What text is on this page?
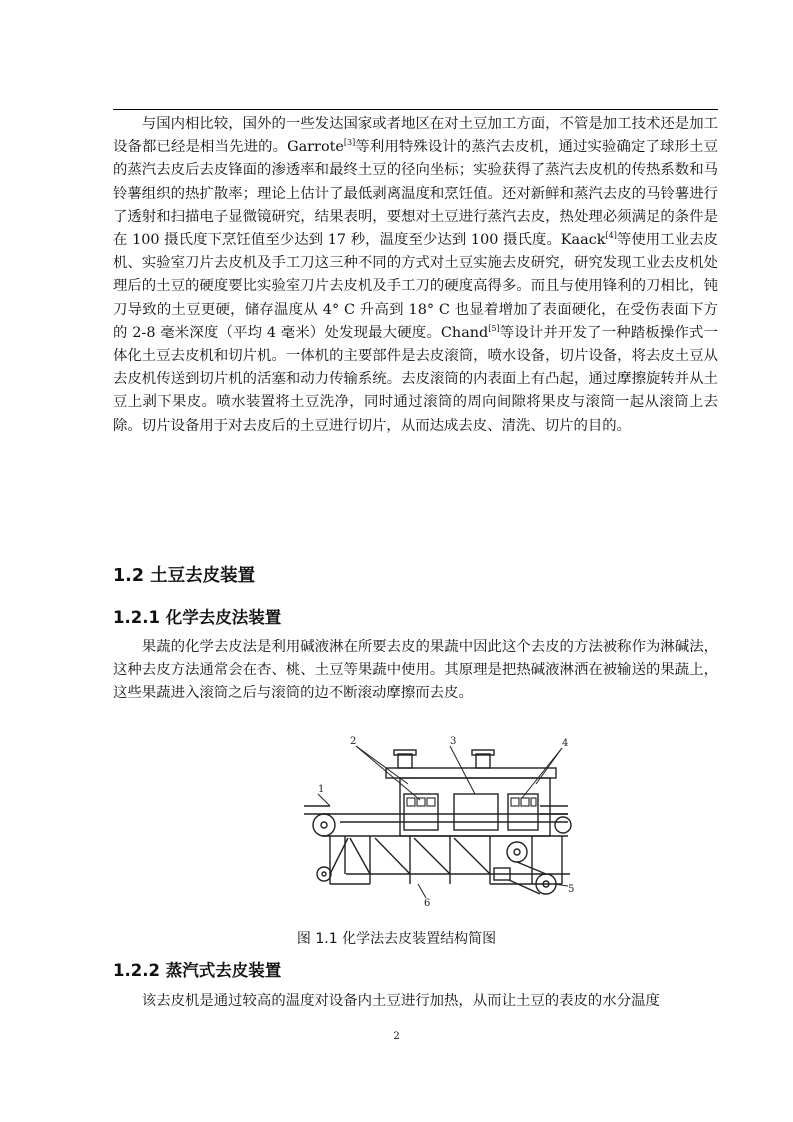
与国内相比较，国外的一些发达国家或者地区在对土豆加工方面，不管是加工技术还是加工设备都已经是相当先进的。Garrote[3]等利用特殊设计的蒸汽去皮机，通过实验确定了球形土豆的蒸汽去皮后去皮锋面的渗透率和最终土豆的径向坐标；实验获得了蒸汽去皮机的传热系数和马铃薯组织的热扩散率；理论上估计了最低剥离温度和烹饪值。还对新鲜和蒸汽去皮的马铃薯进行了透射和扫描电子显微镜研究，结果表明，要想对土豆进行蒸汽去皮，热处理必须满足的条件是在 100 摄氏度下烹饪值至少达到 17 秒，温度至少达到 100 摄氏度。Kaack[4]等使用工业去皮机、实验室刀片去皮机及手工刀这三种不同的方式对土豆实施去皮研究，研究发现工业去皮机处理后的土豆的硬度要比实验室刀片去皮机及手工刀的硬度高得多。而且与使用锋利的刀相比，钝刀导致的土豆更硬，储存温度从 4° C 升高到 18° C 也显着增加了表面硬化，在受伤表面下方的 2-8 毫米深度（平均 4 毫米）处发现最大硬度。Chand[5]等设计并开发了一种踏板操作式一体化土豆去皮机和切片机。一体机的主要部件是去皮滚筒，喷水设备，切片设备，将去皮土豆从去皮机传送到切片机的活塞和动力传输系统。去皮滚筒的内表面上有凸起，通过摩擦旋转并从土豆上剥下果皮。喷水装置将土豆洗净，同时通过滚筒的周向间隙将果皮与滚筒一起从滚筒上去除。切片设备用于对去皮后的土豆进行切片，从而达成去皮、清洗、切片的目的。

1.2 土豆去皮装置
1.2.1 化学去皮法装置

果蔬的化学去皮法是利用碱液淋在所要去皮的果蔬中因此这个去皮的方法被称作为淋碱法，这种去皮方法通常会在杏、桃、土豆等果蔬中使用。其原理是把热碱液淋洒在被输送的果蔬上，这些果蔬进入滚筒之后与滚筒的边不断滚动摩擦而去皮。

1
2	3	4
5
6
图 1.1 化学法去皮装置结构简图
1.2.2 蒸汽式去皮装置

该去皮机是通过较高的温度对设备内土豆进行加热，从而让土豆的表皮的水分温度

2
